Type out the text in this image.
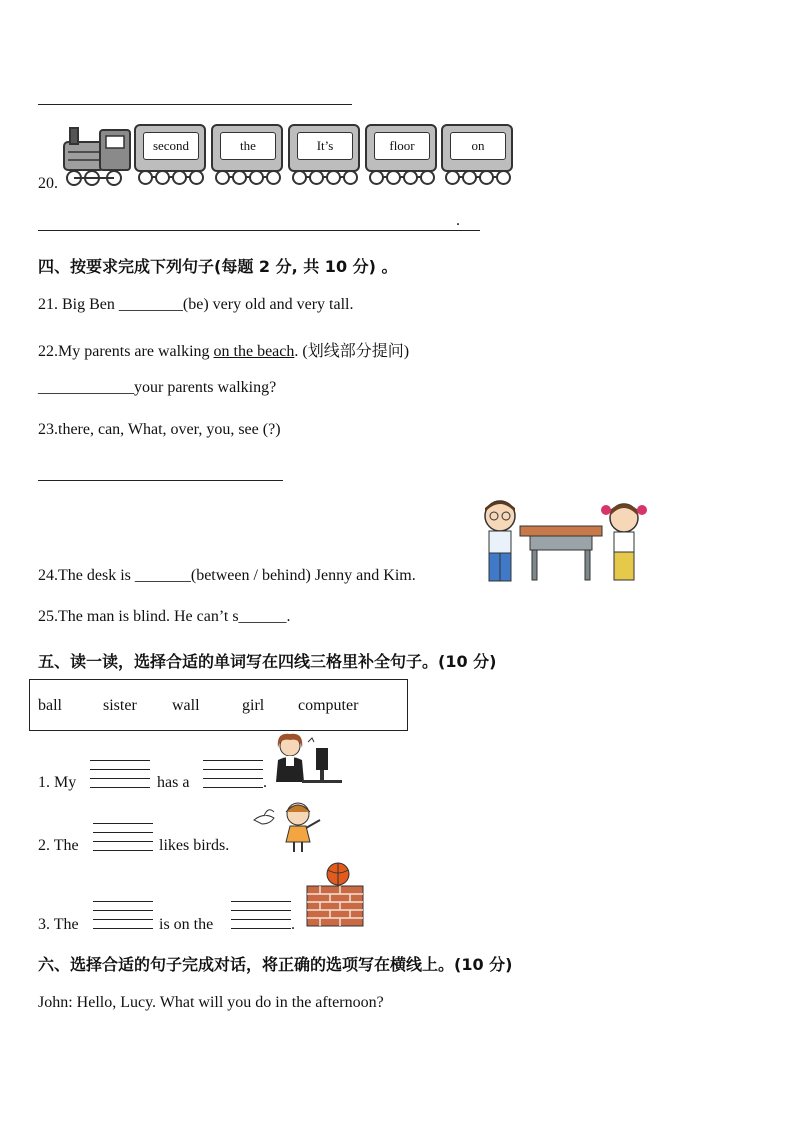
20.
second	the	It’s	floor	on
.
四、按要求完成下列句子(每题 2 分, 共 10 分) 。
21. Big Ben ________(be) very old and very tall.
22.My parents are walking on the beach. (划线部分提问)
____________your parents walking?
23.there, can, What, over, you, see (?)
24.The desk is _______(between / behind) Jenny and Kim.
25.The man is blind. He can’t s______.
五、读一读，选择合适的单词写在四线三格里补全句子。(10 分)
ball	sister wall	girl computer
1. My	has a	.
2. The	likes birds.
3. The	is on the	.
六、选择合适的句子完成对话，将正确的选项写在横线上。(10 分)
John: Hello, Lucy. What will you do in the afternoon?
